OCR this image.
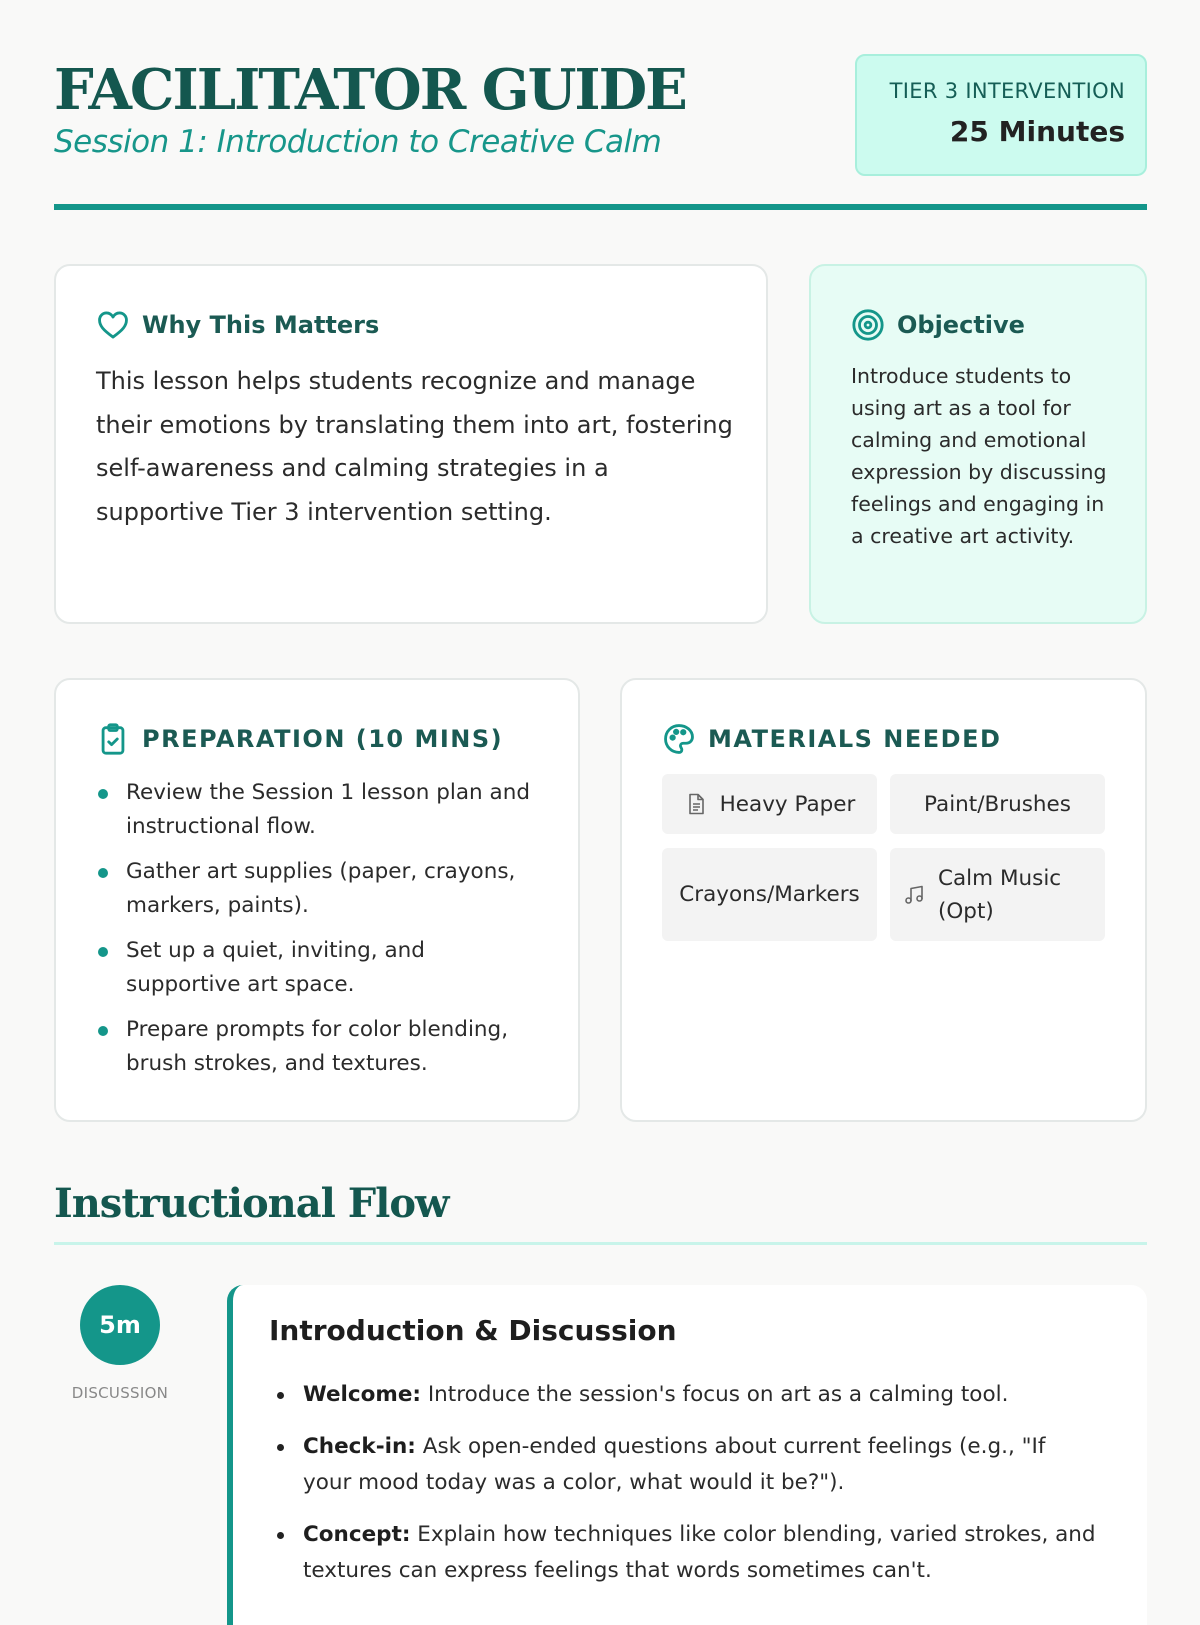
FACILITATOR GUIDE
Session 1: Introduction to Creative Calm
TIER 3 INTERVENTION
25 Minutes
Why This Matters
This lesson helps students recognize and manage their emotions by translating them into art, fostering self-awareness and calming strategies in a supportive Tier 3 intervention setting.
Objective
Introduce students to using art as a tool for calming and emotional expression by discussing feelings and engaging in a creative art activity.
PREPARATION (10 MINS)
Review the Session 1 lesson plan and instructional flow.
Gather art supplies (paper, crayons, markers, paints).
Set up a quiet, inviting, and supportive art space.
Prepare prompts for color blending, brush strokes, and textures.
MATERIALS NEEDED
Heavy Paper	Paint/Brushes
Crayons/Markers
Calm Music (Opt)
Instructional Flow
5m
DISCUSSION
Introduction & Discussion
Welcome: Introduce the session's focus on art as a calming tool.
Check-in: Ask open-ended questions about current feelings (e.g., "If your mood today was a color, what would it be?").
Concept: Explain how techniques like color blending, varied strokes, and textures can express feelings that words sometimes can't.
